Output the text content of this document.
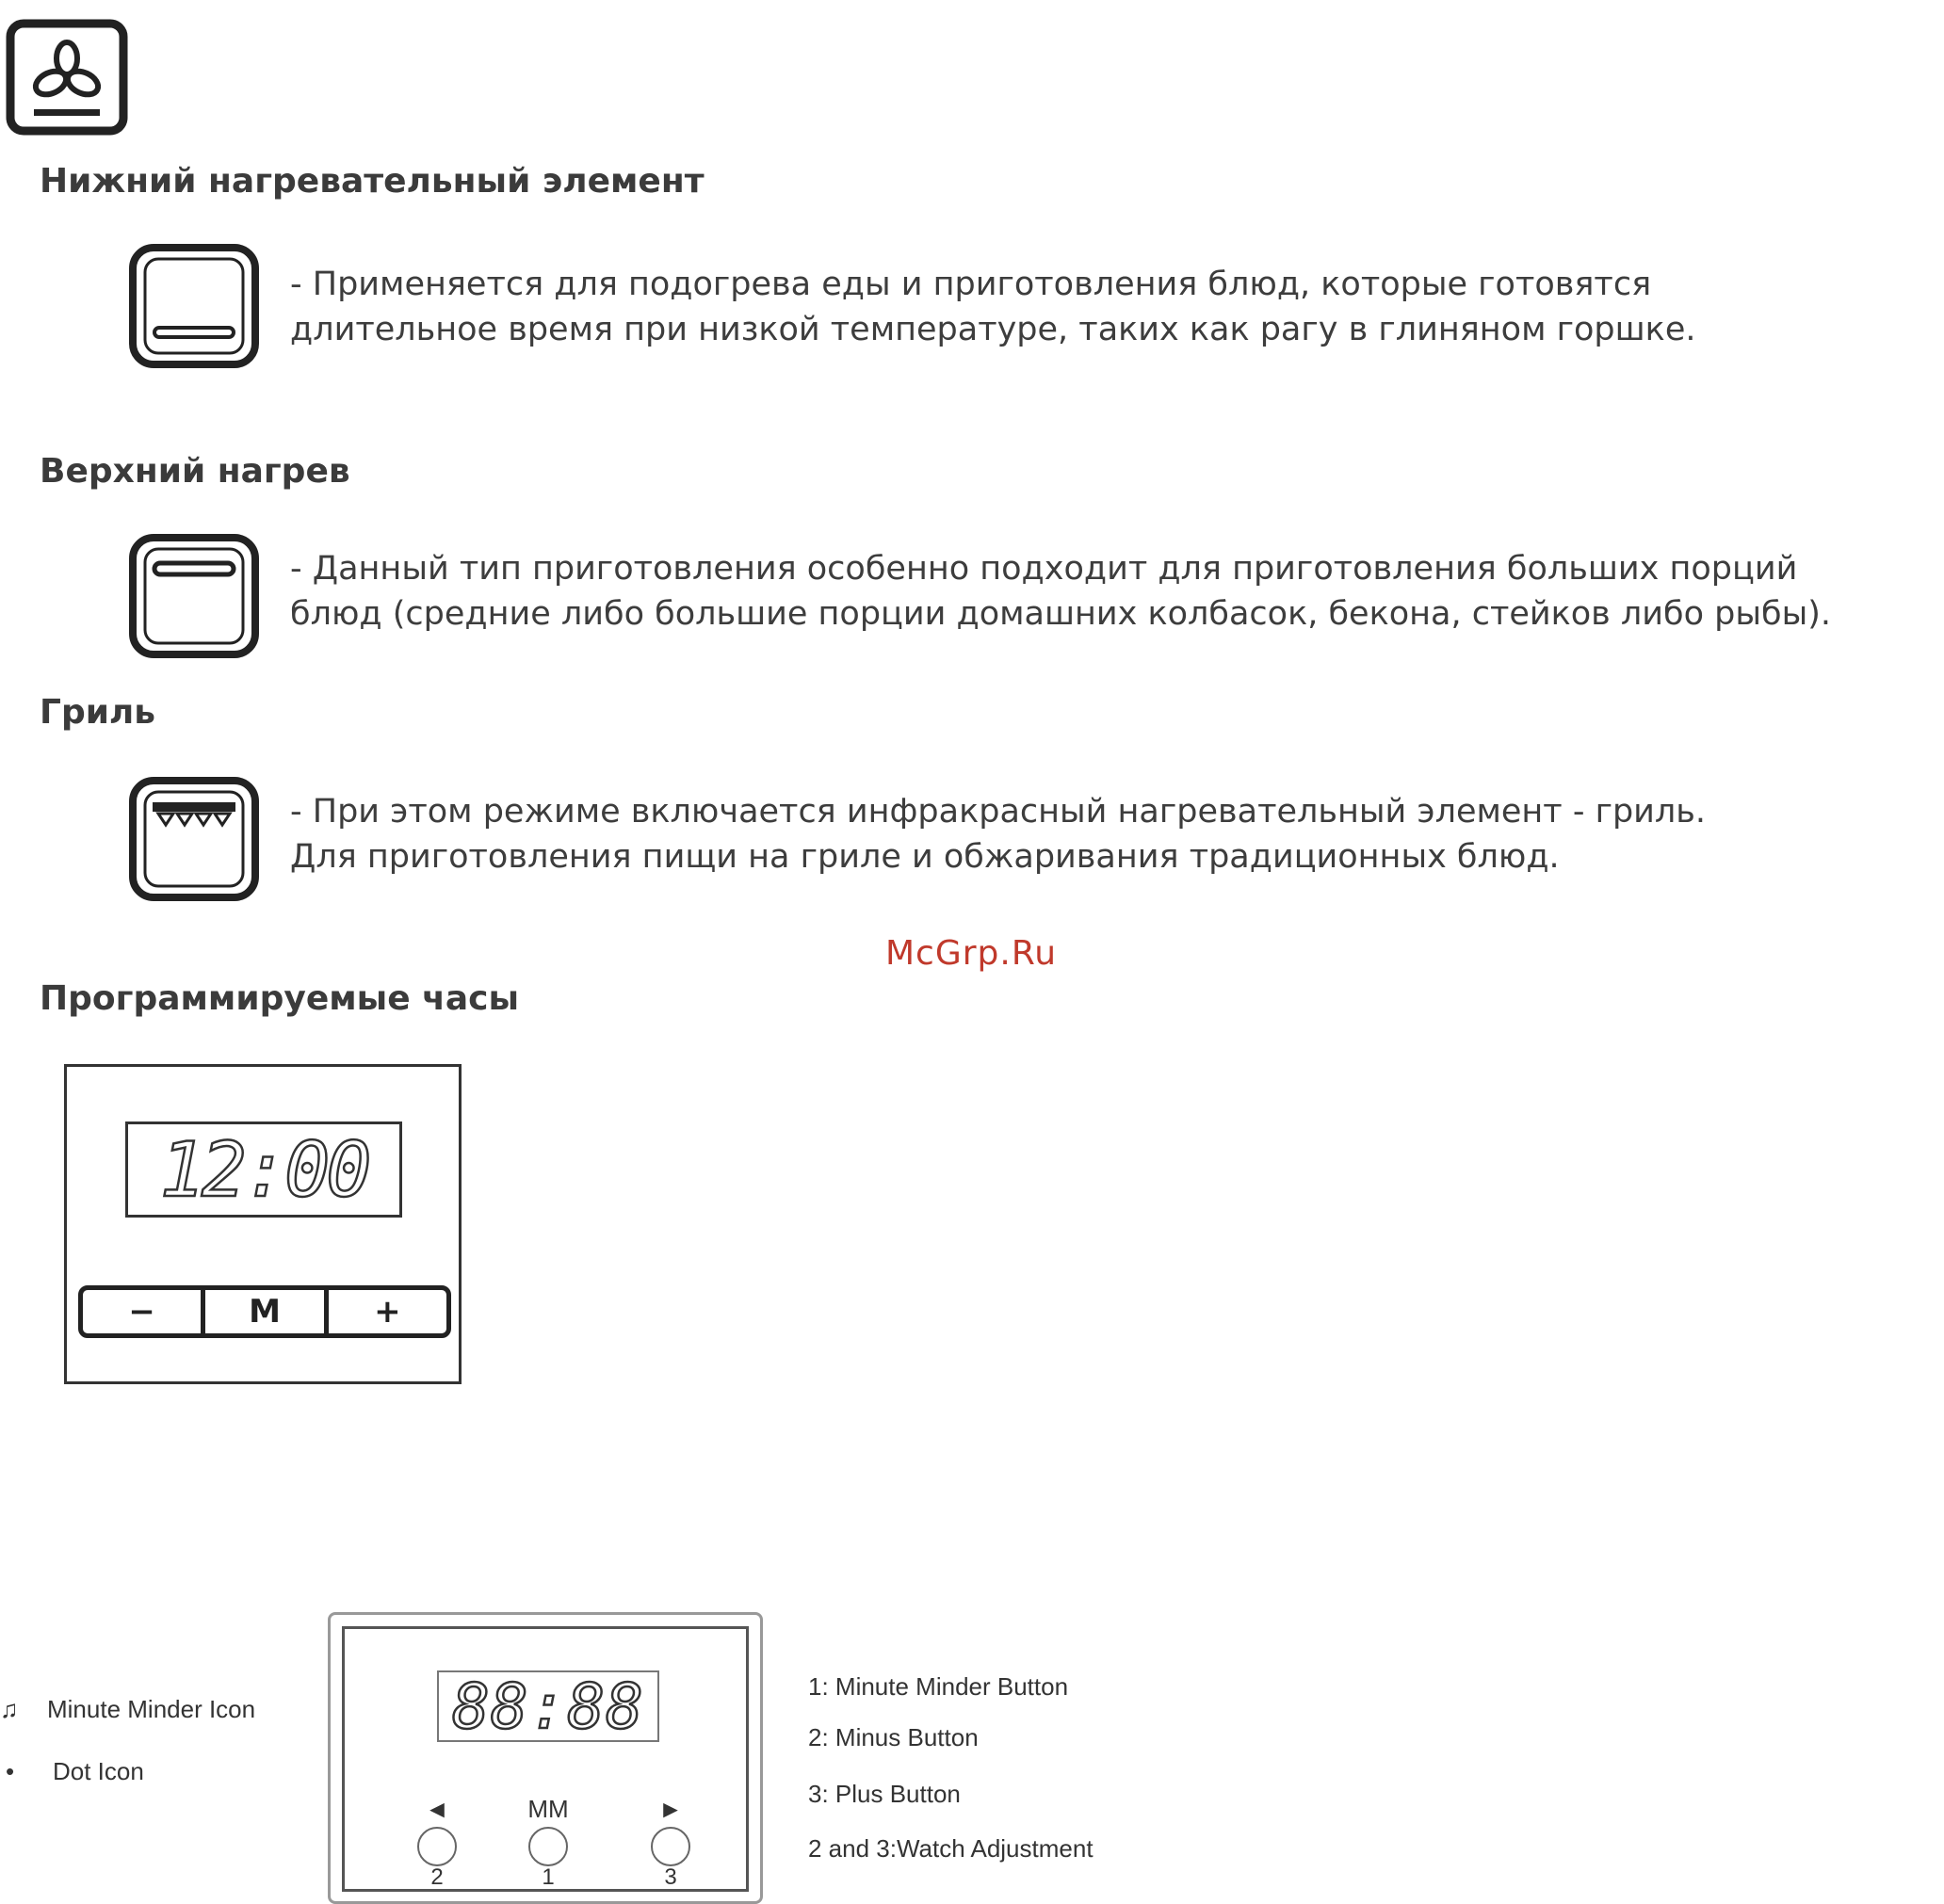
Нижний нагревательный элемент
- Применяется для подогрева еды и приготовления блюд, которые готовятся
длительное время при низкой температуре, таких как рагу в глиняном горшке.
Верхний нагрев
- Данный тип приготовления особенно подходит для приготовления больших порций
блюд (средние либо большие порции домашних колбасок, бекона, стейков либо рыбы).
Гриль
- При этом режиме включается инфракрасный нагревательный элемент - гриль.
Для приготовления пищи на гриле и обжаривания традиционных блюд.
McGrp.Ru
Программируемые часы
12:00
−	M	+
♫ Minute Minder Icon
• Dot Icon
88:88
◄	MM	►
2	1	3
1: Minute Minder Button
2: Minus Button
3: Plus Button
2 and 3:Watch Adjustment
